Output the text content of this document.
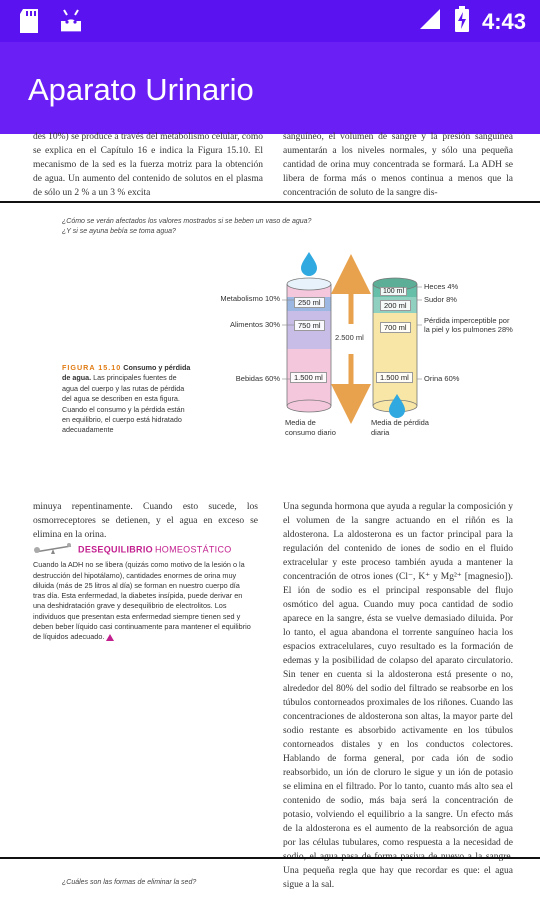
4:43
Aparato Urinario
des 10%) se produce a través del metabolismo celular, como se explica en el Capítulo 16 e indica la Figura 15.10. El mecanismo de la sed es la fuerza motriz para la obtención de agua. Un aumento del contenido de solutos en el plasma de sólo un 2 % a un 3 % excita
sanguíneo, el volumen de sangre y la presión sanguínea aumentarán a los niveles normales, y sólo una pequeña cantidad de orina muy concentrada se formará. La ADH se libera de forma más o menos continua a menos que la concentración de soluto de la sangre dis-
¿Cómo se verán afectados los valores mostrados si se beben un vaso de agua?
¿Y si se ayuna bebía se toma agua?
FIGURA 15.10 Consumo y pérdida de agua. Las principales fuentes de agua del cuerpo y las rutas de pérdida del agua se describen en esta figura. Cuando el consumo y la pérdida están en equilibrio, el cuerpo está hidratado adecuadamente
Metabolismo 10%
Alimentos 30%
Bebidas 60%
250 ml
750 ml
1.500 ml
2.500 ml
100 ml
200 ml
700 ml
1.500 ml
Heces 4%
Sudor 8%
Pérdida imperceptible por la piel y los pulmones 28%
Orina 60%
Media de consumo diario
Media de pérdida diaria
minuya repentinamente. Cuando esto sucede, los osmorreceptores se detienen, y el agua en exceso se elimina en la orina.
DESEQUILIBRIO HOMEOSTÁTICO
Cuando la ADH no se libera (quizás como motivo de la lesión o la destrucción del hipotálamo), cantidades enormes de orina muy diluida (más de 25 litros al día) se forman en nuestro cuerpo día tras día. Esta enfermedad, la diabetes insípida, puede derivar en una deshidratación grave y desequilibrio de electrolitos. Los individuos que presentan esta enfermedad siempre tienen sed y deben beber líquido casi continuamente para mantener el equilibrio de líquidos adecuado.
Una segunda hormona que ayuda a regular la composición y el volumen de la sangre actuando en el riñón es la aldosterona. La aldosterona es un factor principal para la regulación del contenido de iones de sodio en el fluido extracelular y este proceso también ayuda a mantener la concentración de otros iones (Cl⁻, K⁺ y Mg²⁺ [magnesio]). El ión de sodio es el principal responsable del flujo osmótico del agua. Cuando muy poca cantidad de sodio aparece en la sangre, ésta se vuelve demasiado diluida. Por lo tanto, el agua abandona el torrente sanguíneo hacia los espacios extracelulares, cuyo resultado es la formación de edemas y la posibilidad de colapso del aparato circulatorio. Sin tener en cuenta si la aldosterona está presente o no, alrededor del 80% del sodio del filtrado se reabsorbe en los túbulos contorneados proximales de los riñones. Cuando las concentraciones de aldosterona son altas, la mayor parte del sodio restante es absorbido activamente en los túbulos contorneados distales y en los conductos colectores. Hablando de forma general, por cada ión de sodio reabsorbido, un ión de cloruro le sigue y un ión de potasio se elimina en el filtrado. Por lo tanto, cuanto más alto sea el contenido de sodio, más baja será la concentración de potasio, volviendo el equilibrio a la sangre. Un efecto más de la aldosterona es el aumento de la reabsorción de agua por las células tubulares, como respuesta a la necesidad de Una pequeña regla que hay que recordar es que: el agua sigue a la sal.
¿Cuáles son las formas de eliminar la sed?
